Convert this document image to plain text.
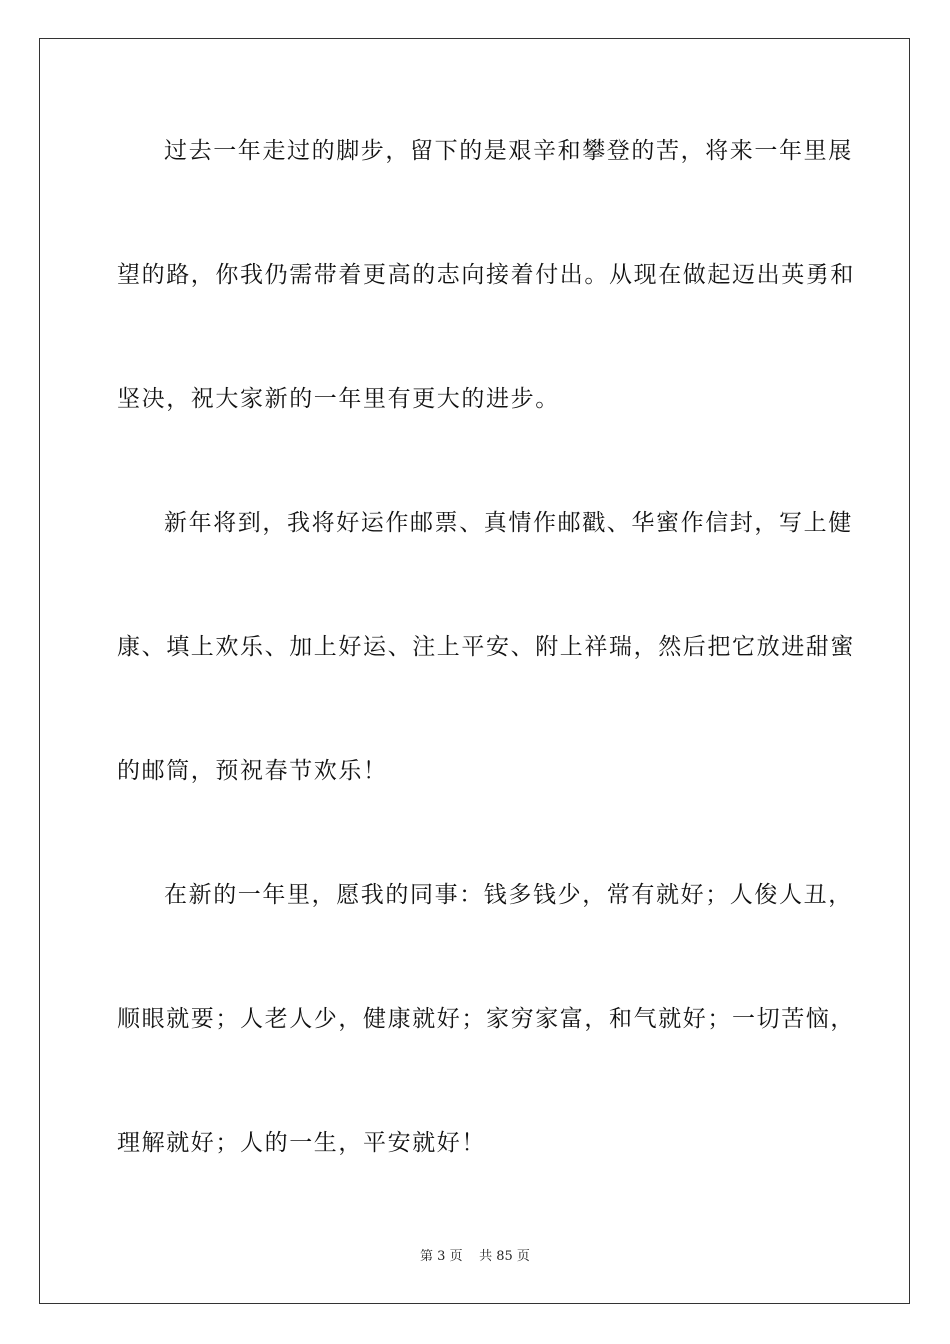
过去一年走过的脚步，留下的是艰辛和攀登的苦，将来一年里展
望的路，你我仍需带着更高的志向接着付出。从现在做起迈出英勇和
坚决，祝大家新的一年里有更大的进步。
新年将到，我将好运作邮票、真情作邮戳、华蜜作信封，写上健
康、填上欢乐、加上好运、注上平安、附上祥瑞，然后把它放进甜蜜
的邮筒，预祝春节欢乐！
在新的一年里，愿我的同事：钱多钱少，常有就好；人俊人丑，
顺眼就要；人老人少，健康就好；家穷家富，和气就好；一切苦恼，
理解就好；人的一生，平安就好！
第 3 页 共 85 页
